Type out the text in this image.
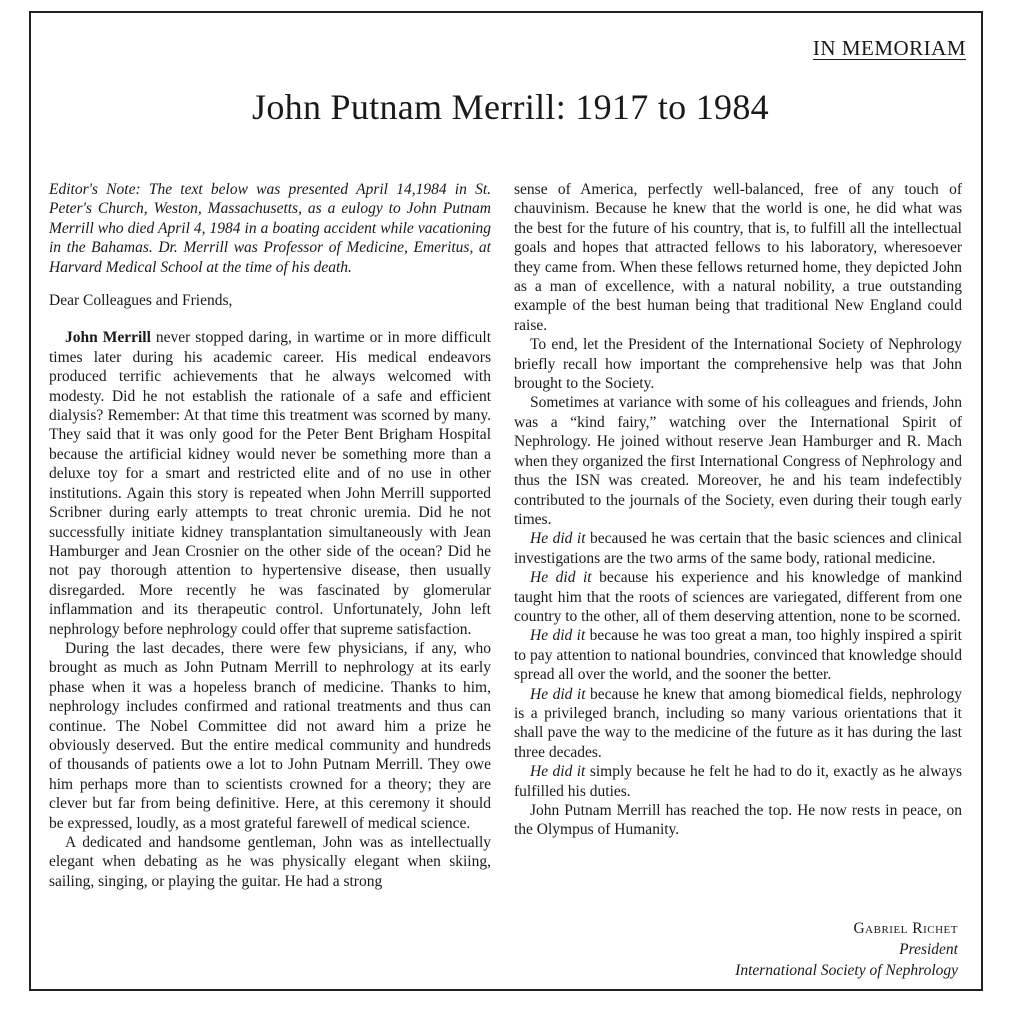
IN MEMORIAM
John Putnam Merrill: 1917 to 1984

Editor's Note: The text below was presented April 14,1984 in St. Peter's Church, Weston, Massachusetts, as a eulogy to John Putnam Merrill who died April 4, 1984 in a boating accident while vacationing in the Bahamas. Dr. Merrill was Professor of Medicine, Emeritus, at Harvard Medical School at the time of his death.

Dear Colleagues and Friends,

John Merrill never stopped daring, in wartime or in more difficult times later during his academic career. His medical endeavors produced terrific achievements that he always welcomed with modesty. Did he not establish the rationale of a safe and efficient dialysis? Remember: At that time this treatment was scorned by many. They said that it was only good for the Peter Bent Brigham Hospital because the artificial kidney would never be something more than a deluxe toy for a smart and restricted elite and of no use in other institutions. Again this story is repeated when John Merrill supported Scribner during early attempts to treat chronic uremia. Did he not successfully initiate kidney transplantation simultaneously with Jean Hamburger and Jean Crosnier on the other side of the ocean? Did he not pay thorough attention to hypertensive disease, then usually disregarded. More recently he was fascinated by glomerular inflammation and its therapeutic control. Unfortunately, John left nephrology before nephrology could offer that supreme satisfaction.

During the last decades, there were few physicians, if any, who brought as much as John Putnam Merrill to nephrology at its early phase when it was a hopeless branch of medicine. Thanks to him, nephrology includes confirmed and rational treatments and thus can continue. The Nobel Committee did not award him a prize he obviously deserved. But the entire medical community and hundreds of thousands of patients owe a lot to John Putnam Merrill. They owe him perhaps more than to scientists crowned for a theory; they are clever but far from being definitive. Here, at this ceremony it should be expressed, loudly, as a most grateful farewell of medical science.

A dedicated and handsome gentleman, John was as intellectually elegant when debating as he was physically elegant when skiing, sailing, singing, or playing the guitar. He had a strong

sense of America, perfectly well-balanced, free of any touch of chauvinism. Because he knew that the world is one, he did what was the best for the future of his country, that is, to fulfill all the intellectual goals and hopes that attracted fellows to his laboratory, wheresoever they came from. When these fellows returned home, they depicted John as a man of excellence, with a natural nobility, a true outstanding example of the best human being that traditional New England could raise.

To end, let the President of the International Society of Nephrology briefly recall how important the comprehensive help was that John brought to the Society.

Sometimes at variance with some of his colleagues and friends, John was a “kind fairy,” watching over the International Spirit of Nephrology. He joined without reserve Jean Hamburger and R. Mach when they organized the first International Congress of Nephrology and thus the ISN was created. Moreover, he and his team indefectibly contributed to the journals of the Society, even during their tough early times.

He did it becaused he was certain that the basic sciences and clinical investigations are the two arms of the same body, rational medicine.

He did it because his experience and his knowledge of mankind taught him that the roots of sciences are variegated, different from one country to the other, all of them deserving attention, none to be scorned.

He did it because he was too great a man, too highly inspired a spirit to pay attention to national boundries, convinced that knowledge should spread all over the world, and the sooner the better.

He did it because he knew that among biomedical fields, nephrology is a privileged branch, including so many various orientations that it shall pave the way to the medicine of the future as it has during the last three decades.

He did it simply because he felt he had to do it, exactly as he always fulfilled his duties.

John Putnam Merrill has reached the top. He now rests in peace, on the Olympus of Humanity.

Gabriel Richet
President
International Society of Nephrology
